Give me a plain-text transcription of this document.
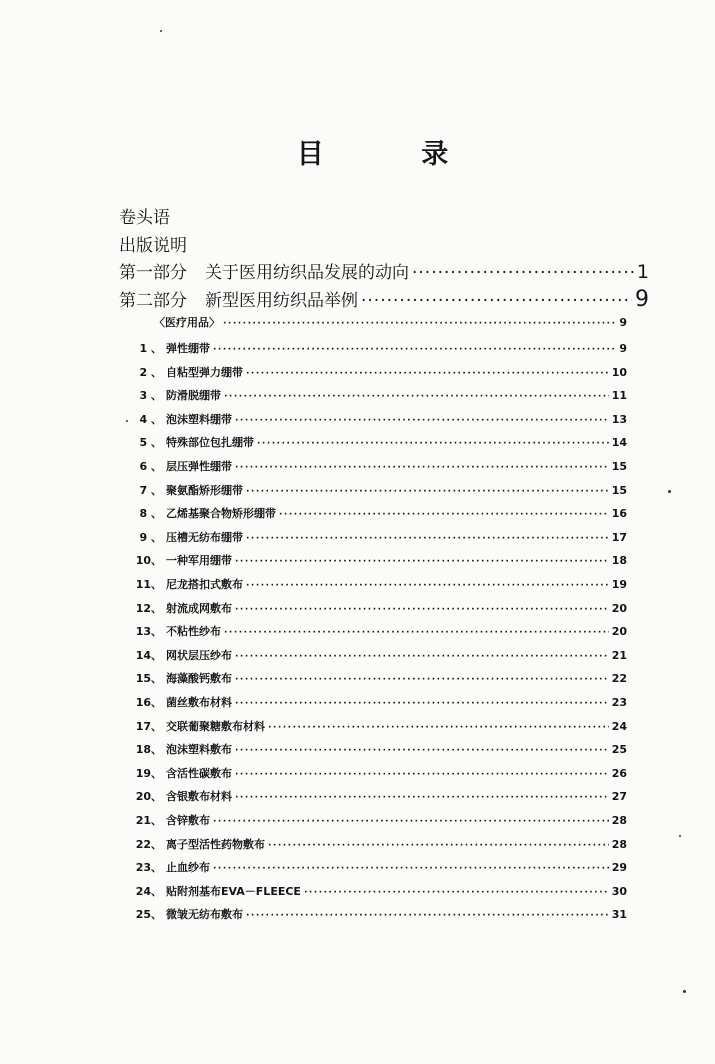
目	录
卷头语
出版说明
第一部分 关于医用纺织品发展的动向 ·····	1
第二部分 新型医用纺织品举例 ·····	9
〈医疗用品〉 ·····	9
1 、 弹性绷带 ·····	9
2 、 自粘型弹力绷带 ·····	10
3 、 防滑脱绷带 ·····	11
4 、 泡沫塑料绷带 ·····	13
5 、 特殊部位包扎绷带 ·····	14
6 、 层压弹性绷带 ·····	15
7 、 聚氨酯矫形绷带 ·····	15
8 、 乙烯基聚合物矫形绷带 ·····	16
9 、 压槽无纺布绷带 ·····	17
10、 一种军用绷带 ·····	18
11、 尼龙搭扣式敷布 ·····	19
12、 射流成网敷布 ·····	20
13、 不粘性纱布 ·····	20
14、 网状层压纱布 ·····	21
15、 海藻酸钙敷布 ·····	22
16、 菌丝敷布材料 ·····	23
17、 交联葡聚糖敷布材料 ·····	24
18、 泡沫塑料敷布 ·····	25
19、 含活性碳敷布 ·····	26
20、 含银敷布材料 ·····	27
21、 含锌敷布 ·····	28
22、 离子型活性药物敷布 ·····	28
23、 止血纱布 ·····	29
24、 贴附剂基布EVA－FLEECE ·····	30
25、 微皱无纺布敷布 ·····	31
